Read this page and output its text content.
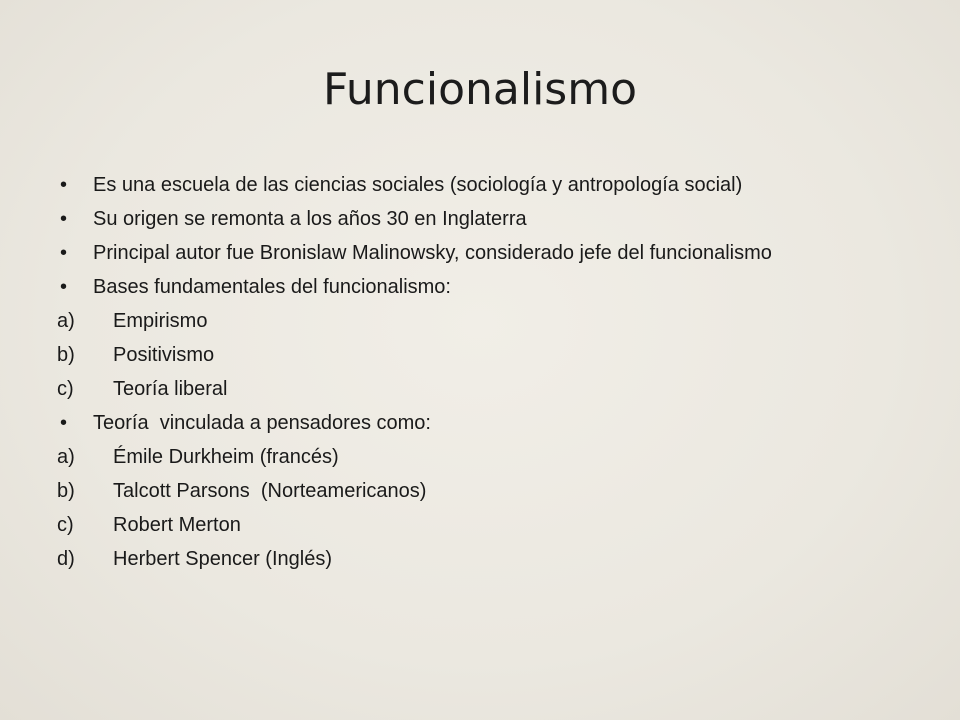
Funcionalismo
•	Es una escuela de las ciencias sociales (sociología y antropología social)
•	Su origen se remonta a los años 30 en Inglaterra
•	Principal autor fue Bronislaw Malinowsky, considerado jefe del funcionalismo
•	Bases fundamentales del funcionalismo:
a)	Empirismo
b)	Positivismo
c)	Teoría liberal
•	Teoría  vinculada a pensadores como:
a)	Émile Durkheim (francés)
b)	Talcott Parsons  (Norteamericanos)
c)	Robert Merton
d)	Herbert Spencer (Inglés)
